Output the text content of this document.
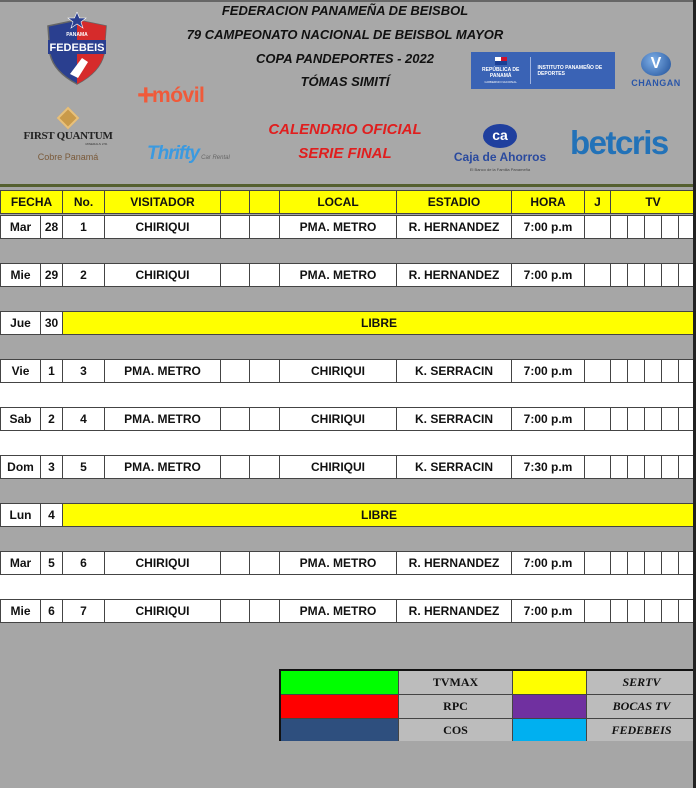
FEDERACION PANAMEÑA DE BEISBOL
79 CAMPEONATO NACIONAL DE BEISBOL MAYOR
COPA PANDEPORTES - 2022
TÓMAS SIMITÍ
CALENDRIO OFICIAL
SERIE FINAL
FEDEBEIS
PANAMA
+móvil
FIRST QUANTUM
MINERALS LTD.
Cobre Panamá	Thrifty Car Rental
REPÚBLICA DE PANAMÁ
GOBIERNO NACIONAL
INSTITUTO PANAMEÑO DE DEPORTES
V
CHANGAN
ca
Caja de Ahorros
El Banco de la Familia Panameña
betcris
FECHA	No.	VISITADOR	LOCAL	ESTADIO	HORA	J	TV
Mar	28	1	CHIRIQUI	PMA. METRO	R. HERNANDEZ	7:00 p.m
Mie	29	2	CHIRIQUI	PMA. METRO	R. HERNANDEZ	7:00 p.m
Jue	30	LIBRE
Vie	1	3	PMA. METRO	CHIRIQUI	K. SERRACIN	7:00 p.m
Sab	2	4	PMA. METRO	CHIRIQUI	K. SERRACIN	7:00 p.m
Dom	3	5	PMA. METRO	CHIRIQUI	K. SERRACIN	7:30 p.m
Lun	4	LIBRE
Mar	5	6	CHIRIQUI	PMA. METRO	R. HERNANDEZ	7:00 p.m
Mie	6	7	CHIRIQUI	PMA. METRO	R. HERNANDEZ	7:00 p.m
TVMAX	SERTV
RPC	BOCAS TV
COS	FEDEBEIS
